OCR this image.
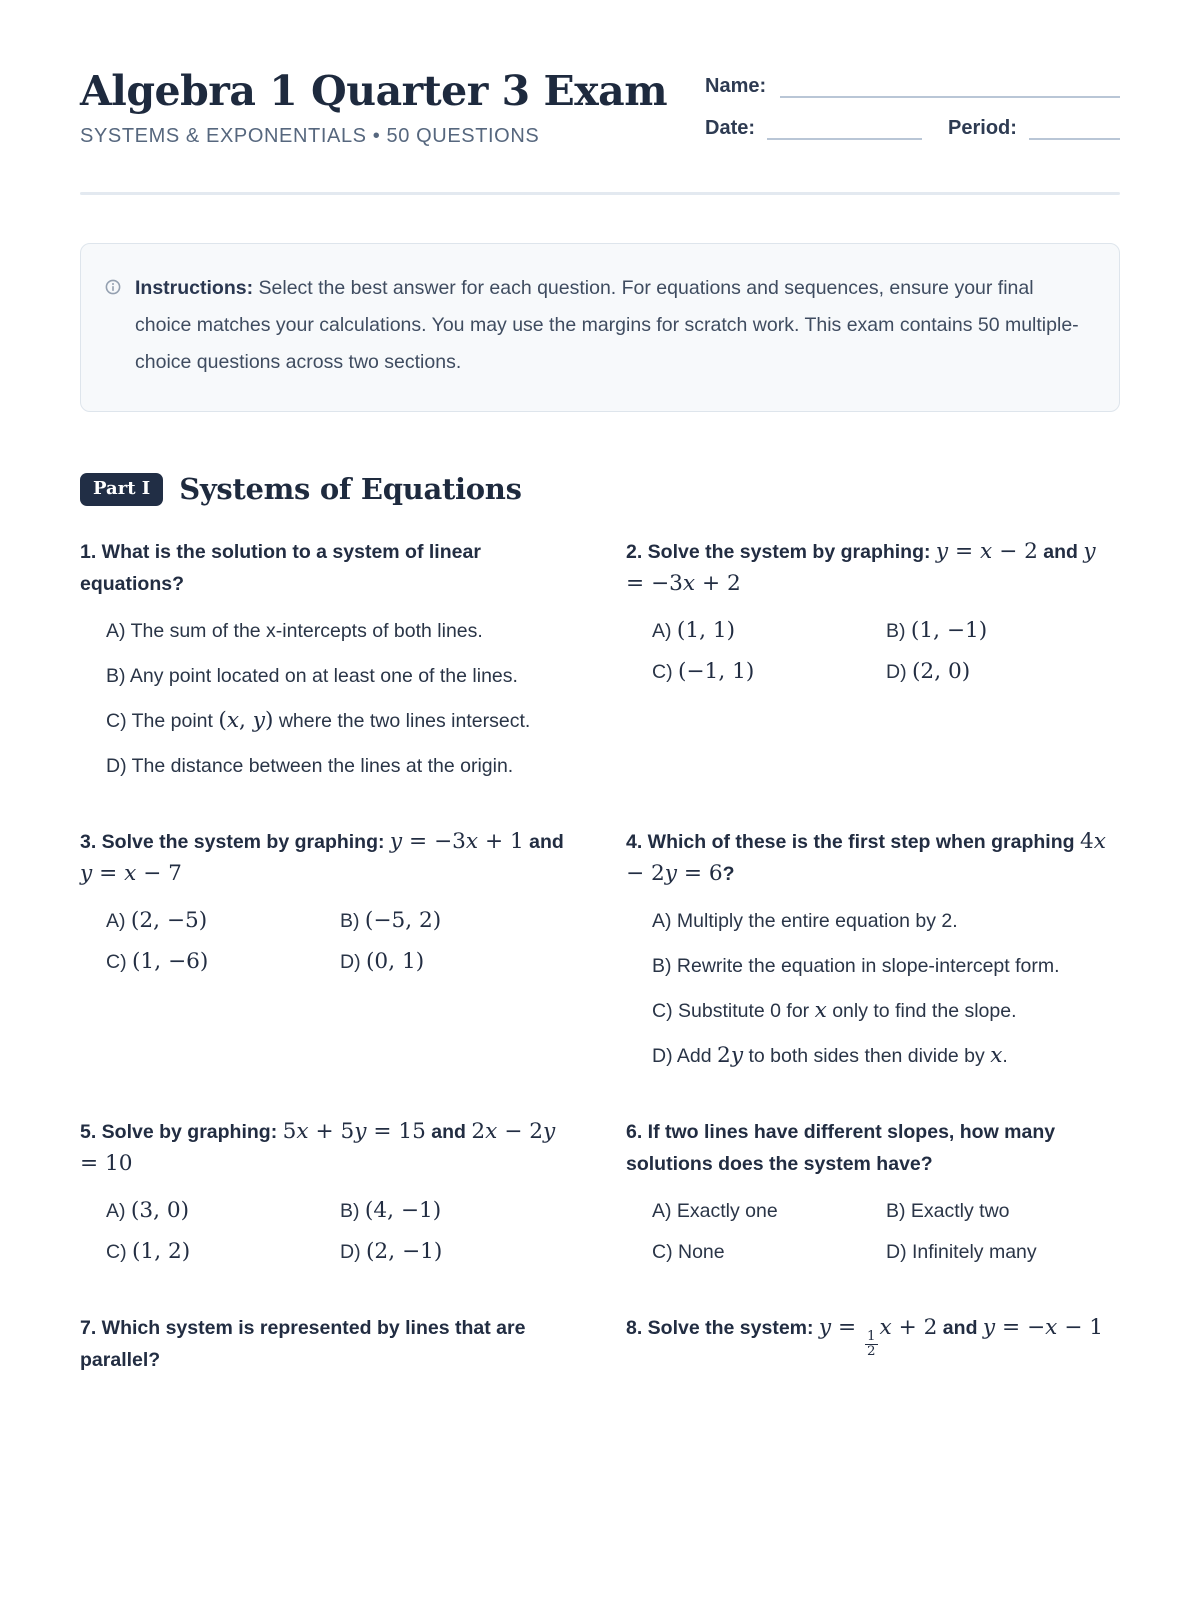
Algebra 1 Quarter 3 Exam
SYSTEMS & EXPONENTIALS • 50 QUESTIONS
Name:
Date:	Period:
Instructions: Select the best answer for each question. For equations and sequences, ensure your final choice matches your calculations. You may use the margins for scratch work. This exam contains 50 multiple-choice questions across two sections.
Part I	Systems of Equations
1. What is the solution to a system of linear equations?
A) The sum of the x-intercepts of both lines.
B) Any point located on at least one of the lines.
C) The point (x, y) where the two lines intersect.
D) The distance between the lines at the origin.
2. Solve the system by graphing: y = x − 2 and y = −3x + 2
A) (1, 1)	B) (1, −1)
C) (−1, 1)	D) (2, 0)
3. Solve the system by graphing: y = −3x + 1 and y = x − 7
A) (2, −5)	B) (−5, 2)
C) (1, −6)	D) (0, 1)
4. Which of these is the first step when graphing 4x − 2y = 6?
A) Multiply the entire equation by 2.
B) Rewrite the equation in slope-intercept form.
C) Substitute 0 for x only to find the slope.
D) Add 2y to both sides then divide by x.
5. Solve by graphing: 5x + 5y = 15 and 2x − 2y = 10
A) (3, 0)	B) (4, −1)
C) (1, 2)	D) (2, −1)
6. If two lines have different slopes, how many solutions does the system have?
A) Exactly one	B) Exactly two
C) None	D) Infinitely many
7. Which system is represented by lines that are parallel?
8. Solve the system: y =
$\frac{1}{2}$
x + 2 and y = −x − 1
